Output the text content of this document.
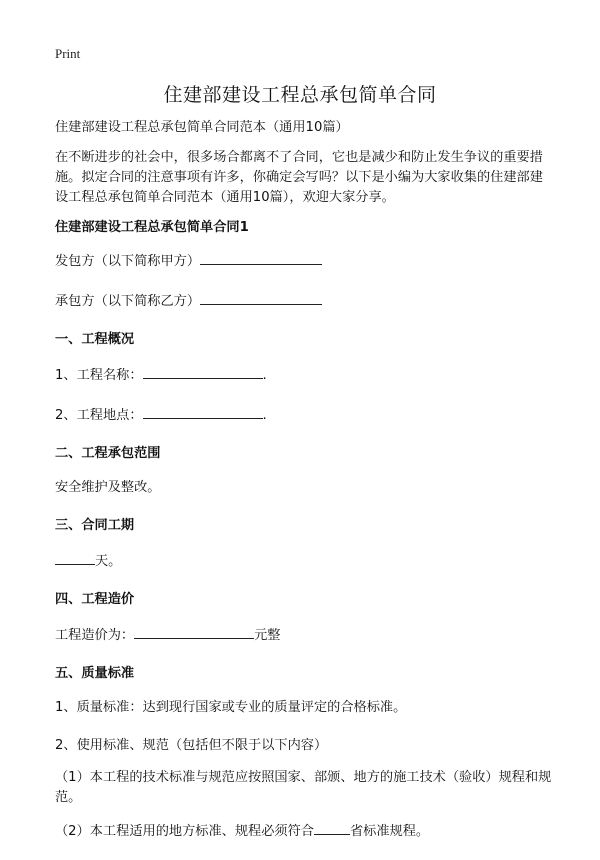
Print
住建部建设工程总承包简单合同

住建部建设工程总承包简单合同范本（通用10篇）

在不断进步的社会中，很多场合都离不了合同，它也是减少和防止发生争议的重要措施。拟定合同的注意事项有许多，你确定会写吗？以下是小编为大家收集的住建部建设工程总承包简单合同范本（通用10篇），欢迎大家分享。

住建部建设工程总承包简单合同1
发包方（以下简称甲方）
承包方（以下简称乙方）
一、工程概况
1、工程名称：	.
2、工程地点：	.
二、工程承包范围
安全维护及整改。
三、合同工期
天。
四、工程造价
工程造价为：	元整
五、质量标准
1、质量标准：达到现行国家或专业的质量评定的合格标准。
2、使用标准、规范（包括但不限于以下内容）

（1）本工程的技术标准与规范应按照国家、部颁、地方的施工技术（验收）规程和规范。

（2）本工程适用的地方标准、规程必须符合	省标准规程。
